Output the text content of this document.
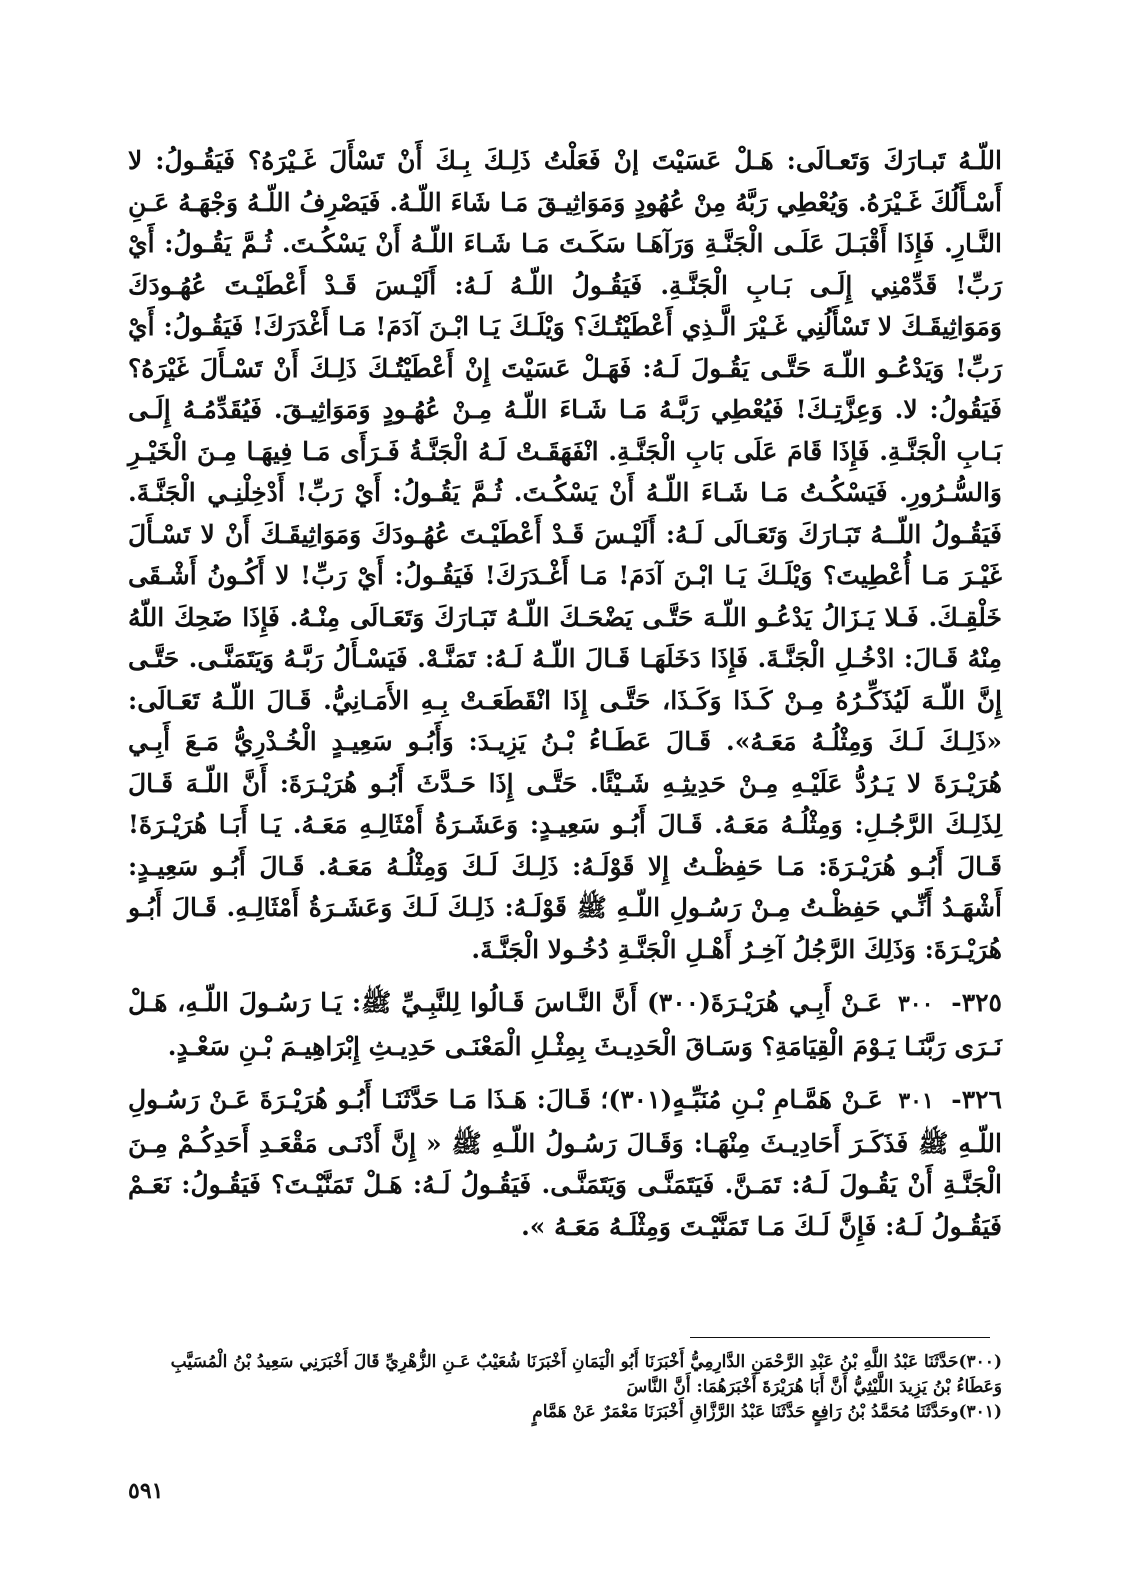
اللّـهُ تَبـارَكَ وَتَعـالَى: هَـلْ عَسَيْتَ إنْ فَعَلْتُ ذَلِـكَ بِـكَ أَنْ تَسْأَلَ غَـيْرَهُ؟ فَيَقُـولُ: لا أَسْـأَلُكَ غَـيْرَهُ. وَيُعْطِي رَبَّهُ مِنْ عُهُودٍ وَمَوَاثِيـقَ مَـا شَاءَ اللّـهُ. فَيَصْرِفُ اللّـهُ وَجْهَـهُ عَـنِ النَّـارِ. فَإِذَا أَقْبَـلَ عَلَـى الْجَنَّـةِ وَرَآهَـا سَكَـتَ مَـا شَـاءَ اللّـهُ أَنْ يَسْكُـتَ. ثُـمَّ يَقُـولُ: أَيْ رَبِّ! قَدِّمْنِي إِلَـى بَـابِ الْجَنَّـةِ. فَيَقُـولُ اللّـهُ لَـهُ: أَلَيْـسَ قَـدْ أَعْطَيْـتَ عُهُـودَكَ وَمَوَاثِيقَـكَ لا تَسْأَلُنِي غَـيْرَ الَّـذِي أَعْطَيْتُـكَ؟ وَيْلَـكَ يَـا ابْـنَ آدَمَ! مَـا أَغْدَرَكَ! فَيَقُـولُ: أَيْ رَبِّ! وَيَدْعُـو اللّـهَ حَتَّـى يَقُـولَ لَـهُ: فَهَـلْ عَسَيْتَ إِنْ أَعْطَيْتُـكَ ذَلِـكَ أَنْ تَسْـأَلَ غَيْرَهُ؟ فَيَقُولُ: لا. وَعِزَّتِـكَ! فَيُعْطِي رَبَّـهُ مَـا شَـاءَ اللّـهُ مِـنْ عُهُـودٍ وَمَوَاثِيـقَ. فَيُقَدِّمُـهُ إِلَـى بَـابِ الْجَنَّـةِ. فَإِذَا قَامَ عَلَى بَابِ الْجَنَّـةِ. انْفَهَقَـتْ لَـهُ الْجَنَّـةُ فَـرَأَى مَـا فِيهَـا مِـنَ الْخَيْـرِ وَالسُّـرُورِ. فَيَسْكُـتُ مَـا شَـاءَ اللّـهُ أَنْ يَسْكُـتَ. ثُـمَّ يَقُـولُ: أَيْ رَبِّ! أَدْخِلْنِـي الْجَنَّـةَ. فَيَقُـولُ اللّــهُ تَبَـارَكَ وَتَعَـالَى لَـهُ: أَلَيْـسَ قَـدْ أَعْطَيْـتَ عُهُـودَكَ وَمَوَاثِيقَـكَ أَنْ لا تَسْـأَلَ غَيْـرَ مَـا أُعْطِيتَ؟ وَيْلَـكَ يَـا ابْـنَ آدَمَ! مَـا أَغْـدَرَكَ! فَيَقُـولُ: أَيْ رَبِّ! لا أَكُـونُ أَشْـقَى خَلْقِـكَ. فَـلا يَـزَالُ يَدْعُـو اللّـهَ حَتَّـى يَضْحَـكَ اللّـهُ تَبَـارَكَ وَتَعَـالَى مِنْـهُ. فَإِذَا ضَحِكَ اللّهُ مِنْهُ قَـالَ: ادْخُـلِ الْجَنَّـةَ. فَإِذَا دَخَلَهَـا قَـالَ اللّـهُ لَـهُ: تَمَنَّـهْ. فَيَسْـأَلُ رَبَّـهُ وَيَتَمَنَّـى. حَتَّـى إِنَّ اللّـهَ لَيُذَكِّـرُهُ مِـنْ كَـذَا وَكَـذَا، حَتَّـى إِذَا انْقَطَعَـتْ بِـهِ الأَمَـانِيُّ. قَـالَ اللّـهُ تَعَـالَى: «ذَلِـكَ لَـكَ وَمِثْلُـهُ مَعَـهُ». قَـالَ عَطَـاءُ بْـنُ يَزِيـدَ: وَأَبُـو سَعِيـدٍ الْخُـدْرِيُّ مَـعَ أَبِـي هُرَيْـرَةَ لا يَـرُدُّ عَلَيْـهِ مِـنْ حَدِيثِـهِ شَـيْئًا. حَتَّـى إِذَا حَـدَّثَ أَبُـو هُرَيْـرَةَ: أَنَّ اللّـهَ قَـالَ لِذَلِـكَ الرَّجُـلِ: وَمِثْلُـهُ مَعَـهُ. قَـالَ أَبُـو سَعِيـدٍ: وَعَشَـرَةُ أَمْثَالِـهِ مَعَـهُ. يَـا أَبَـا هُرَيْـرَةَ! قَـالَ أَبُـو هُرَيْـرَةَ: مَـا حَفِظْـتُ إِلا قَوْلَـهُ: ذَلِـكَ لَـكَ وَمِثْلُـهُ مَعَـهُ. قَـالَ أَبُـو سَعِيـدٍ: أَشْهَـدُ أَنِّـي حَفِظْـتُ مِـنْ رَسُـولِ اللّـهِ ﷺ قَوْلَـهُ: ذَلِـكَ لَـكَ وَعَشَـرَةُ أَمْثَالِـهِ. قَـالَ أَبُـو هُرَيْـرَةَ: وَذَلِكَ الرَّجُلُ آخِـرُ أَهْـلِ الْجَنَّـةِ دُخُـولا الْجَنَّـةَ.

٣٢٥- ٣٠٠ عَـنْ أَبِـي هُرَيْـرَةَ(٣٠٠) أَنَّ النَّـاسَ قَـالُوا لِلنَّبِـيِّ ﷺ: يَـا رَسُـولَ اللّـهِ، هَـلْ نَـرَى رَبَّنَـا يَـوْمَ الْقِيَامَةِ؟ وَسَـاقَ الْحَدِيـثَ بِمِثْـلِ الْمَعْنَـى حَدِيـثِ إِبْرَاهِيـمَ بْـنِ سَعْـدٍ.

٣٢٦- ٣٠١ عَـنْ هَمَّـامِ بْـنِ مُنَبِّـهٍ(٣٠١)؛ قَـالَ: هَـذَا مَـا حَدَّثَنَـا أَبُـو هُرَيْـرَةَ عَـنْ رَسُـولِ اللّـهِ ﷺ فَذَكَـرَ أَحَادِيـثَ مِنْهَـا: وَقَـالَ رَسُـولُ اللّـهِ ﷺ « إِنَّ أَدْنَـى مَقْعَـدِ أَحَدِكُـمْ مِـنَ الْجَنَّـةِ أَنْ يَقُـولَ لَـهُ: تَمَـنَّ. فَيَتَمَنَّـى وَيَتَمَنَّـى. فَيَقُـولُ لَـهُ: هَـلْ تَمَنَّيْـتَ؟ فَيَقُـولُ: نَعَـمْ فَيَقُـولُ لَـهُ: فَإِنَّ لَـكَ مَـا تَمَنَّيْـتَ وَمِثْلَـهُ مَعَـهُ ».

(٣٠٠)حَدَّثَنَا عَبْدُ اللَّهِ بْنُ عَبْدِ الرَّحْمَنِ الدَّارِمِيُّ أَخْبَرَنَا أَبُو الْيَمَانِ أَخْبَرَنَا شُعَيْبٌ عَـنِ الزُّهْرِيِّ قَالَ أَخْبَرَنِي سَعِيدُ بْنُ الْمُسَيَّبِ وَعَطَاءُ بْنُ يَزِيدَ اللَّيْثِيُّ أَنَّ أَبَا هُرَيْرَةَ أَخْبَرَهُمَا: أَنَّ النَّاسَ

(٣٠١)وحَدَّثَنَا مُحَمَّدُ بْنُ رَافِعٍ حَدَّثَنَا عَبْدُ الرَّزَّاقِ أَخْبَرَنَا مَعْمَرٌ عَنْ هَمَّامٍ

٥٩١
